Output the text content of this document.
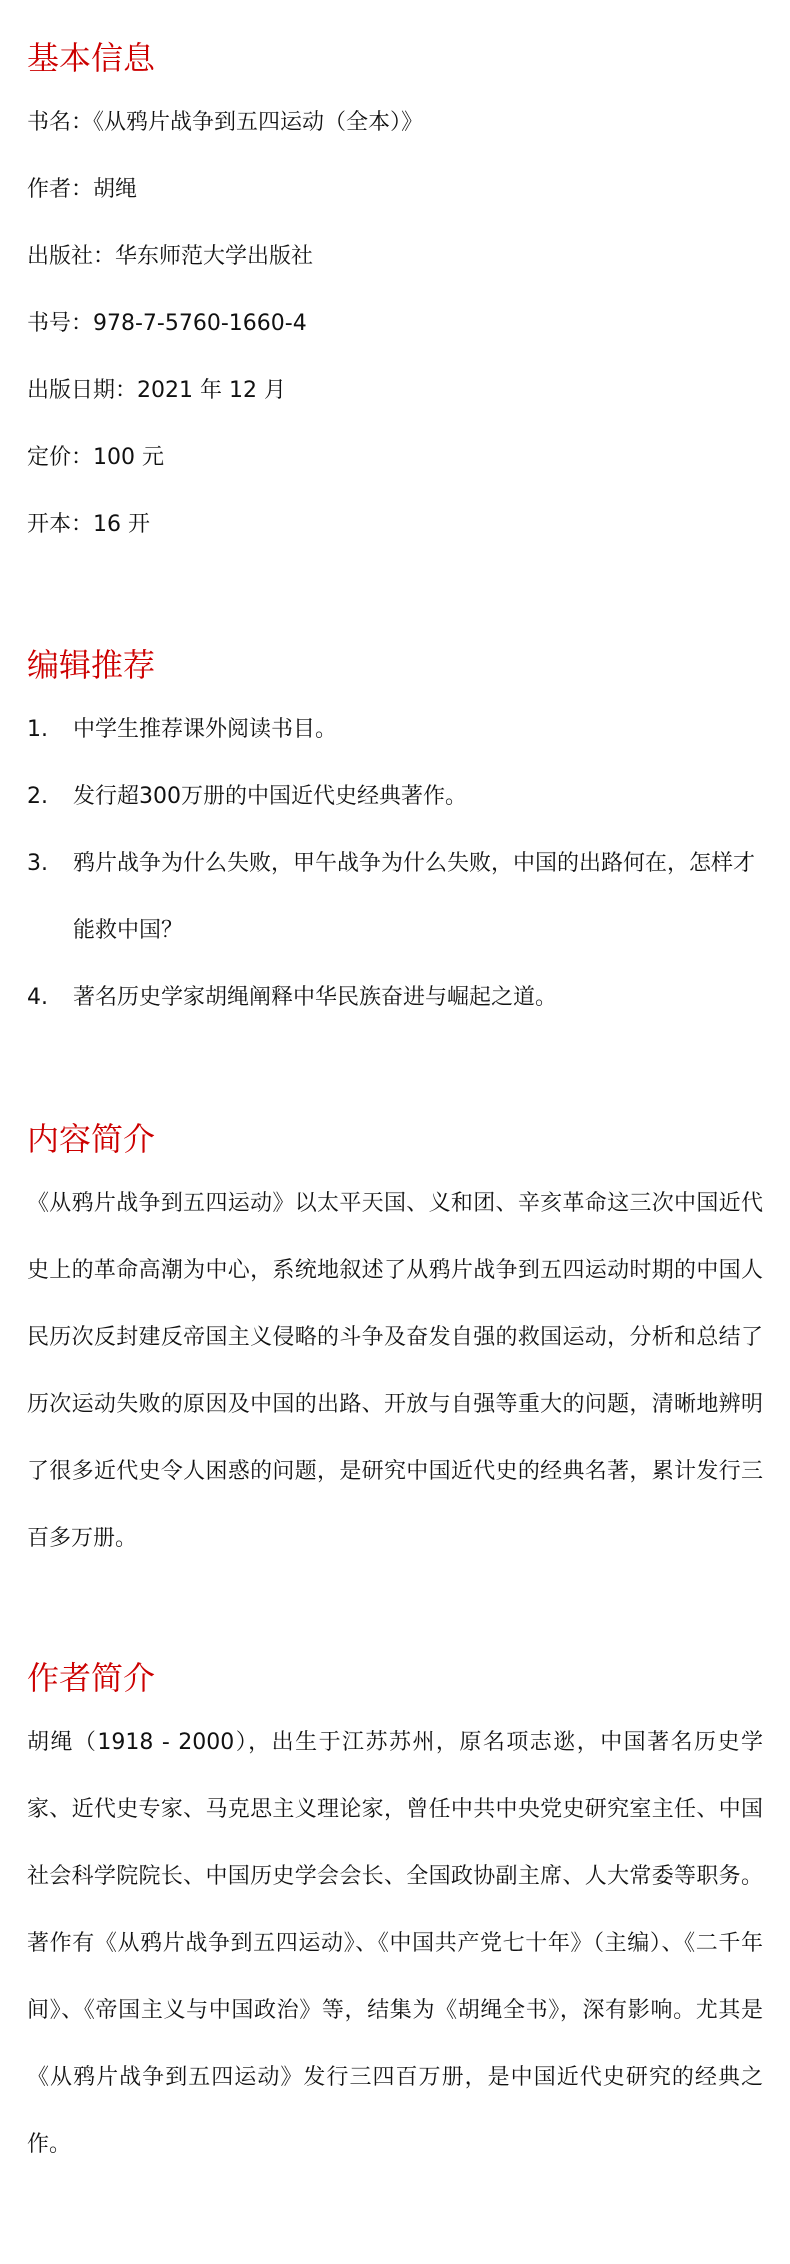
基本信息
书名：《从鸦片战争到五四运动（全本）》
作者：胡绳
出版社：华东师范大学出版社
书号：978-7-5760-1660-4
出版日期：2021 年 12 月
定价：100 元
开本：16 开
编辑推荐
1.	中学生推荐课外阅读书目。
2.	发行超300万册的中国近代史经典著作。
3.	鸦片战争为什么失败，甲午战争为什么失败，中国的出路何在，怎样才能救中国？
4.	著名历史学家胡绳阐释中华民族奋进与崛起之道。
内容简介

《从鸦片战争到五四运动》以太平天国、义和团、辛亥革命这三次中国近代史上的革命高潮为中心，系统地叙述了从鸦片战争到五四运动时期的中国人民历次反封建反帝国主义侵略的斗争及奋发自强的救国运动，分析和总结了历次运动失败的原因及中国的出路、开放与自强等重大的问题，清晰地辨明了很多近代史令人困惑的问题，是研究中国近代史的经典名著，累计发行三百多万册。

作者简介

胡绳（1918 - 2000），出生于江苏苏州，原名项志逖，中国著名历史学家、近代史专家、马克思主义理论家，曾任中共中央党史研究室主任、中国社会科学院院长、中国历史学会会长、全国政协副主席、人大常委等职务。著作有《从鸦片战争到五四运动》、《中国共产党七十年》（主编）、《二千年间》、《帝国主义与中国政治》等，结集为《胡绳全书》，深有影响。尤其是《从鸦片战争到五四运动》发行三四百万册，是中国近代史研究的经典之作。
